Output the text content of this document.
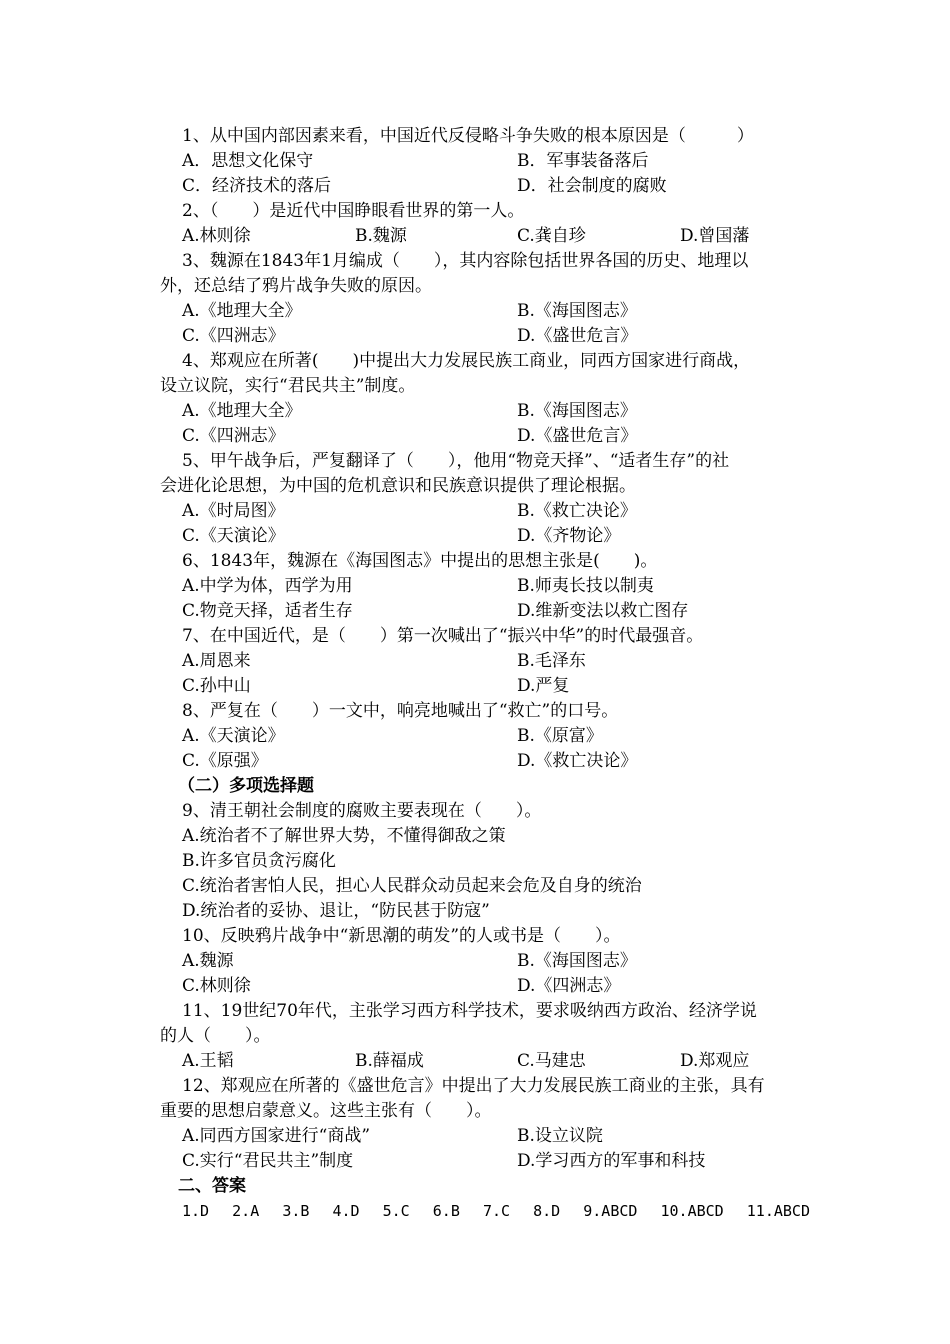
1、从中国内部因素来看，中国近代反侵略斗争失败的根本原因是（　　　）
A．思想文化保守	B．军事装备落后
C．经济技术的落后	D．社会制度的腐败
2、（　　）是近代中国睁眼看世界的第一人。
A.林则徐	B.魏源	C.龚自珍	D.曾国藩
3、魏源在1843年1月编成（　　），其内容除包括世界各国的历史、地理以
外，还总结了鸦片战争失败的原因。
A.《地理大全》	B.《海国图志》
C.《四洲志》	D.《盛世危言》
4、郑观应在所著(　　)中提出大力发展民族工商业，同西方国家进行商战，
设立议院，实行“君民共主”制度。
A.《地理大全》	B.《海国图志》
C.《四洲志》	D.《盛世危言》
5、甲午战争后，严复翻译了（　　），他用“物竞天择”、“适者生存”的社
会进化论思想，为中国的危机意识和民族意识提供了理论根据。
A.《时局图》	B.《救亡决论》
C.《天演论》	D.《齐物论》
6、1843年，魏源在《海国图志》中提出的思想主张是(　　)。
A.中学为体，西学为用	B.师夷长技以制夷
C.物竞天择，适者生存	D.维新变法以救亡图存
7、在中国近代，是（　　）第一次喊出了“振兴中华”的时代最强音。
A.周恩来	B.毛泽东
C.孙中山	D.严复
8、严复在（　　）一文中，响亮地喊出了“救亡”的口号。
A.《天演论》	B.《原富》
C.《原强》	D.《救亡决论》
（二）多项选择题
9、清王朝社会制度的腐败主要表现在（　　）。
A.统治者不了解世界大势，不懂得御敌之策
B.许多官员贪污腐化
C.统治者害怕人民，担心人民群众动员起来会危及自身的统治
D.统治者的妥协、退让，“防民甚于防寇”
10、反映鸦片战争中“新思潮的萌发”的人或书是（　　）。
A.魏源	B.《海国图志》
C.林则徐	D.《四洲志》
11、19世纪70年代，主张学习西方科学技术，要求吸纳西方政治、经济学说
的人（　　）。
A.王韬	B.薛福成	C.马建忠	D.郑观应
12、郑观应在所著的《盛世危言》中提出了大力发展民族工商业的主张，具有
重要的思想启蒙意义。这些主张有（　　）。
A.同西方国家进行“商战”	B.设立议院
C.实行“君民共主”制度	D.学习西方的军事和科技
二、答案
1.D 2.A 3.B 4.D 5.C 6.B 7.C 8.D 9.ABCD 10.ABCD 11.ABCD
